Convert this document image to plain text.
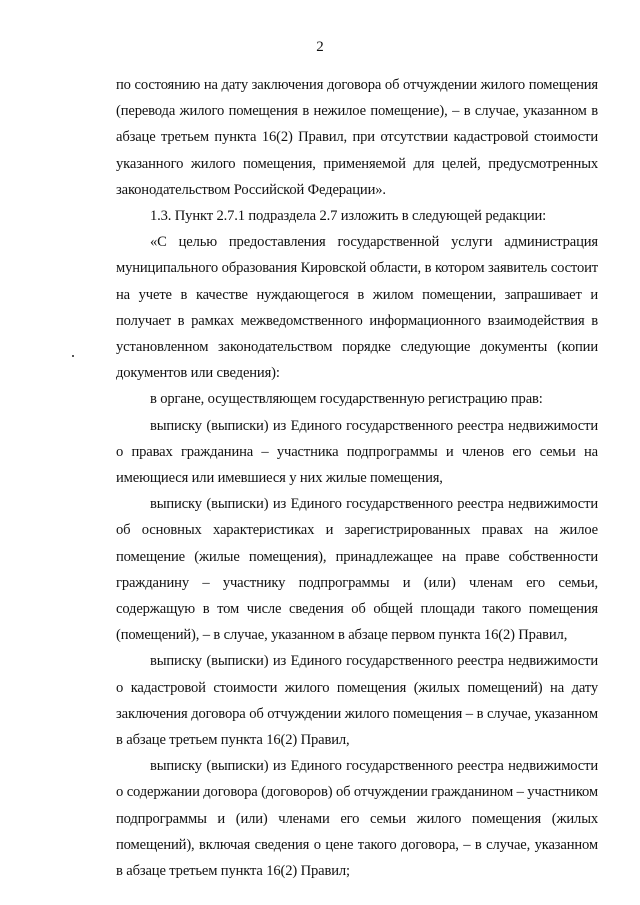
2

по состоянию на дату заключения договора об отчуждении жилого помещения (перевода жилого помещения в нежилое помещение), – в случае, указанном в абзаце третьем пункта 16(2) Правил, при отсутствии кадастровой стоимости указанного жилого помещения, применяемой для целей, предусмотренных законодательством Российской Федерации».

1.3. Пункт 2.7.1 подраздела 2.7 изложить в следующей редакции:

«С целью предоставления государственной услуги администрация муниципального образования Кировской области, в котором заявитель состоит на учете в качестве нуждающегося в жилом помещении, запрашивает и получает в рамках межведомственного информационного взаимодействия в установленном законодательством порядке следующие документы (копии документов или сведения):

в органе, осуществляющем государственную регистрацию прав:

выписку (выписки) из Единого государственного реестра недвижимости о правах гражданина – участника подпрограммы и членов его семьи на имеющиеся или имевшиеся у них жилые помещения,

выписку (выписки) из Единого государственного реестра недвижимости об основных характеристиках и зарегистрированных правах на жилое помещение (жилые помещения), принадлежащее на праве собственности гражданину – участнику подпрограммы и (или) членам его семьи, содержащую в том числе сведения об общей площади такого помещения (помещений), – в случае, указанном в абзаце первом пункта 16(2) Правил,

выписку (выписки) из Единого государственного реестра недвижимости о кадастровой стоимости жилого помещения (жилых помещений) на дату заключения договора об отчуждении жилого помещения – в случае, указанном в абзаце третьем пункта 16(2) Правил,

выписку (выписки) из Единого государственного реестра недвижимости о содержании договора (договоров) об отчуждении гражданином – участником подпрограммы и (или) членами его семьи жилого помещения (жилых помещений), включая сведения о цене такого договора, – в случае, указанном в абзаце третьем пункта 16(2) Правил;
